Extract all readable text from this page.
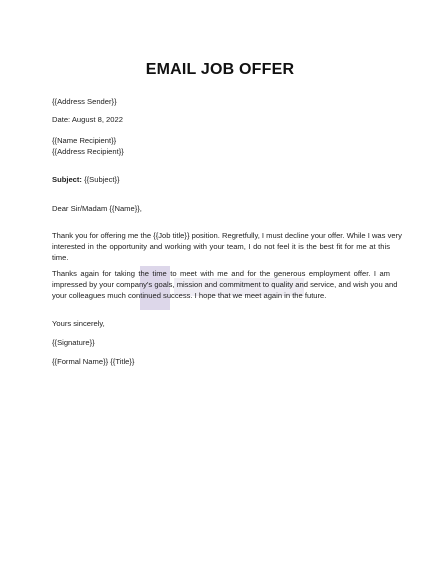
EMAIL JOB OFFER
{{Address Sender}}
Date: August 8, 2022
{{Name Recipient}}
{{Address Recipient}}
Subject: {{Subject}}
Dear Sir/Madam {{Name}},
Thank you for offering me the {{Job title}} position. Regretfully, I must decline your offer. While I was very
interested in the opportunity and working with your team, I do not feel it is the best fit for me at this
time.
Thanks again for taking the time to meet with me and for the generous employment offer. I am
impressed by your company's goals, mission and commitment to quality and service, and wish you and
your colleagues much continued success. I hope that we meet again in the future.
Yours sincerely,
{{Signature}}
{{Formal Name}} {{Title}}
